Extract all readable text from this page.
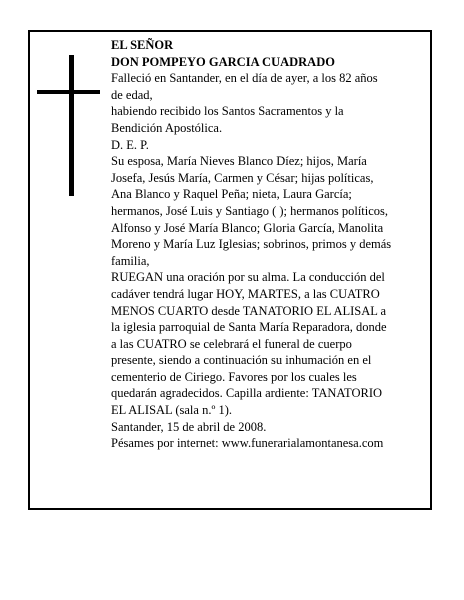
EL SEÑOR
DON POMPEYO GARCIA CUADRADO
Falleció en Santander, en el día de ayer, a los 82 años
de edad,
habiendo recibido los Santos Sacramentos y la
Bendición Apostólica.
D. E. P.
Su esposa, María Nieves Blanco Díez; hijos, María
Josefa, Jesús María, Carmen y César; hijas políticas,
Ana Blanco y Raquel Peña; nieta, Laura García;
hermanos, José Luis y Santiago ( ); hermanos políticos,
Alfonso y José María Blanco; Gloria García, Manolita
Moreno y María Luz Iglesias; sobrinos, primos y demás
familia,
RUEGAN una oración por su alma. La conducción del
cadáver tendrá lugar HOY, MARTES, a las CUATRO
MENOS CUARTO desde TANATORIO EL ALISAL a
la iglesia parroquial de Santa María Reparadora, donde
a las CUATRO se celebrará el funeral de cuerpo
presente, siendo a continuación su inhumación en el
cementerio de Ciriego. Favores por los cuales les
quedarán agradecidos. Capilla ardiente: TANATORIO
EL ALISAL (sala n.º 1).
Santander, 15 de abril de 2008.
Pésames por internet: www.funerarialamontanesa.com
